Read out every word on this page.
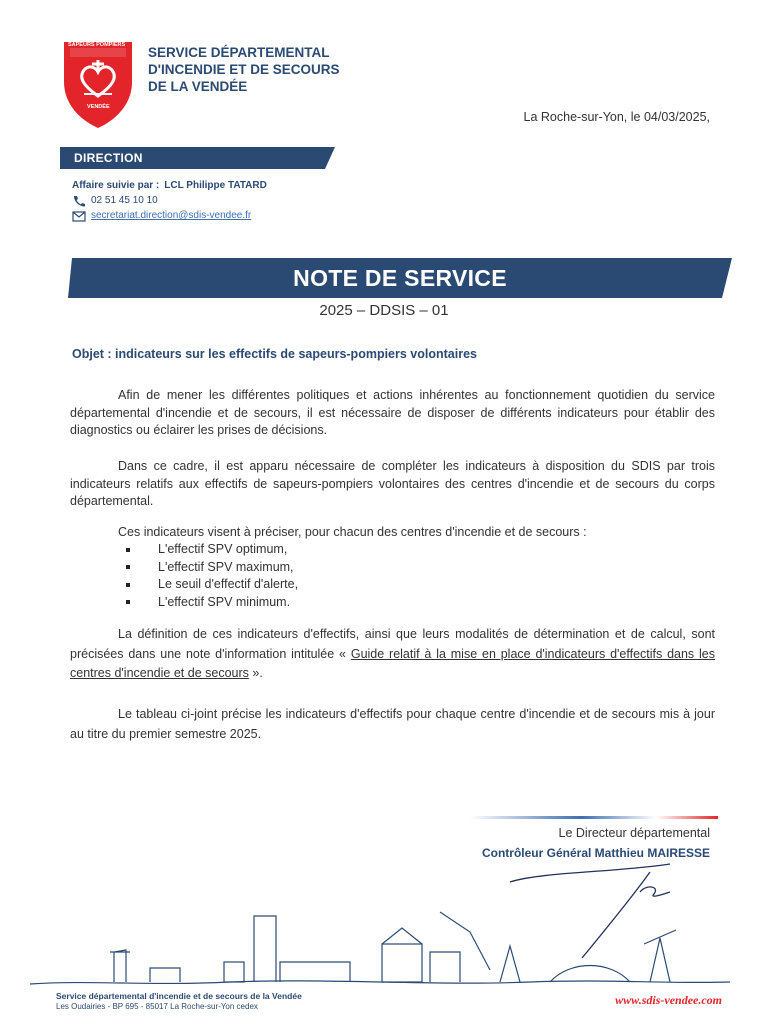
SAPEURS POMPIERS
VENDÉE
SERVICE DÉPARTEMENTAL
D'INCENDIE ET DE SECOURS
DE LA VENDÉE
La Roche-sur-Yon, le 04/03/2025,
DIRECTION
Affaire suivie par : LCL Philippe TATARD
02 51 45 10 10
secretariat.direction@sdis-vendee.fr
NOTE DE SERVICE
2025 – DDSIS – 01
Objet : indicateurs sur les effectifs de sapeurs-pompiers volontaires
Afin de mener les différentes politiques et actions inhérentes au fonctionnement quotidien du service départemental d'incendie et de secours, il est nécessaire de disposer de différents indicateurs pour établir des diagnostics ou éclairer les prises de décisions.
Dans ce cadre, il est apparu nécessaire de compléter les indicateurs à disposition du SDIS par trois indicateurs relatifs aux effectifs de sapeurs-pompiers volontaires des centres d'incendie et de secours du corps départemental.
Ces indicateurs visent à préciser, pour chacun des centres d'incendie et de secours :
L'effectif SPV optimum,
L'effectif SPV maximum,
Le seuil d'effectif d'alerte,
L'effectif SPV minimum.
La définition de ces indicateurs d'effectifs, ainsi que leurs modalités de détermination et de calcul, sont précisées dans une note d'information intitulée « Guide relatif à la mise en place d'indicateurs d'effectifs dans les centres d'incendie et de secours ».
Le tableau ci-joint précise les indicateurs d'effectifs pour chaque centre d'incendie et de secours mis à jour au titre du premier semestre 2025.
Le Directeur départemental
Contrôleur Général Matthieu MAIRESSE
Service départemental d'incendie et de secours de la Vendée
Les Oudairies - BP 695 - 85017 La Roche-sur-Yon cedex	www.sdis-vendee.com
